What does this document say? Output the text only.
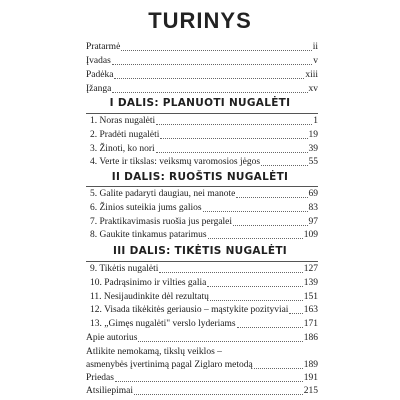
TURINYS
Pratarmė	ii
Įvadas	v
Padėka	xiii
Įžanga	xv
I DALIS: PLANUOTI NUGALĖTI
1. Noras nugalėti	1
2. Pradėti nugalėti	19
3. Žinoti, ko nori	39
4. Verte ir tikslas: veiksmų varomosios jėgos	55
II DALIS: RUOŠTIS NUGALĖTI
5. Galite padaryti daugiau, nei manote	69
6. Žinios suteikia jums galios	83
7. Praktikavimasis ruošia jus pergalei	97
8. Gaukite tinkamus patarimus	109
III DALIS: TIKĖTIS NUGALĖTI
9. Tikėtis nugalėti	127
10. Padrąsinimo ir vilties galia	139
11. Nesijaudinkite dėl rezultatų	151
12. Visada tikėkitės geriausio – mąstykite pozityviai 163
13. „Gimęs nugalėti" verslo lyderiams	171
Apie autorius	186
Atlikite nemokamą, tikslų veiklos –
asmenybės įvertinimą pagal Ziglaro metodą	189
Priedas	191
Atsiliepimai	215
